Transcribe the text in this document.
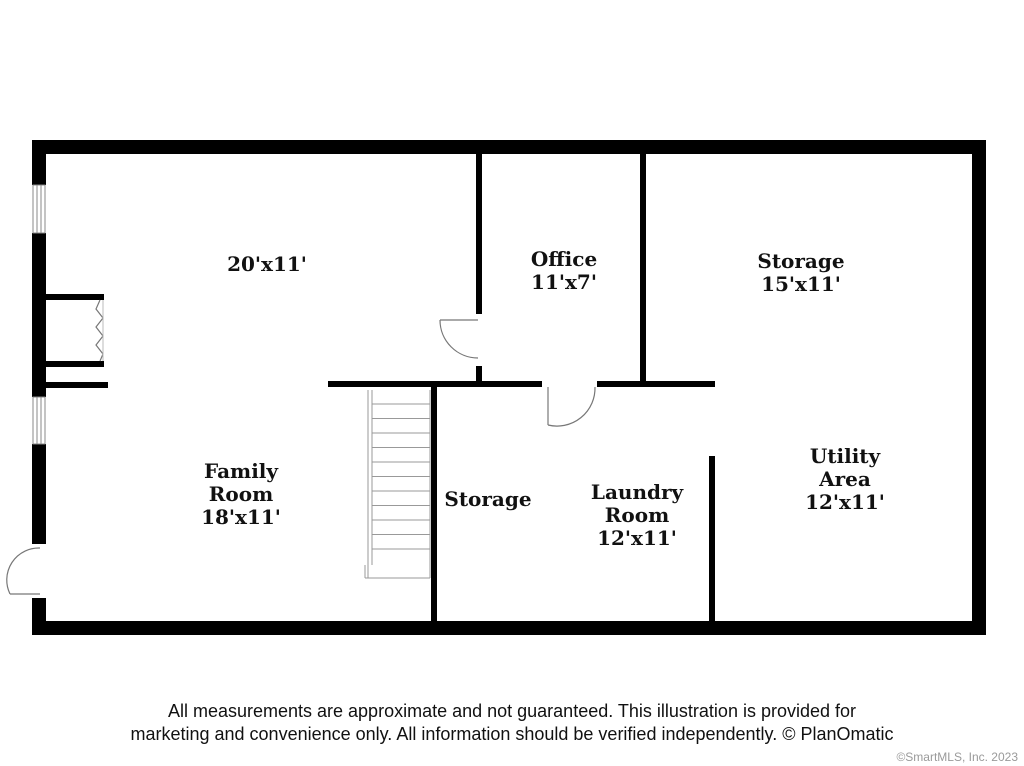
20'x11'	Office
11'x7'
Storage
15'x11'
Family
Room
18'x11'
Storage	Laundry
Room
12'x11'
Utility
Area
12'x11'
All measurements are approximate and not guaranteed. This illustration is provided for
marketing and convenience only. All information should be verified independently. © PlanOmatic
©SmartMLS, Inc. 2023
